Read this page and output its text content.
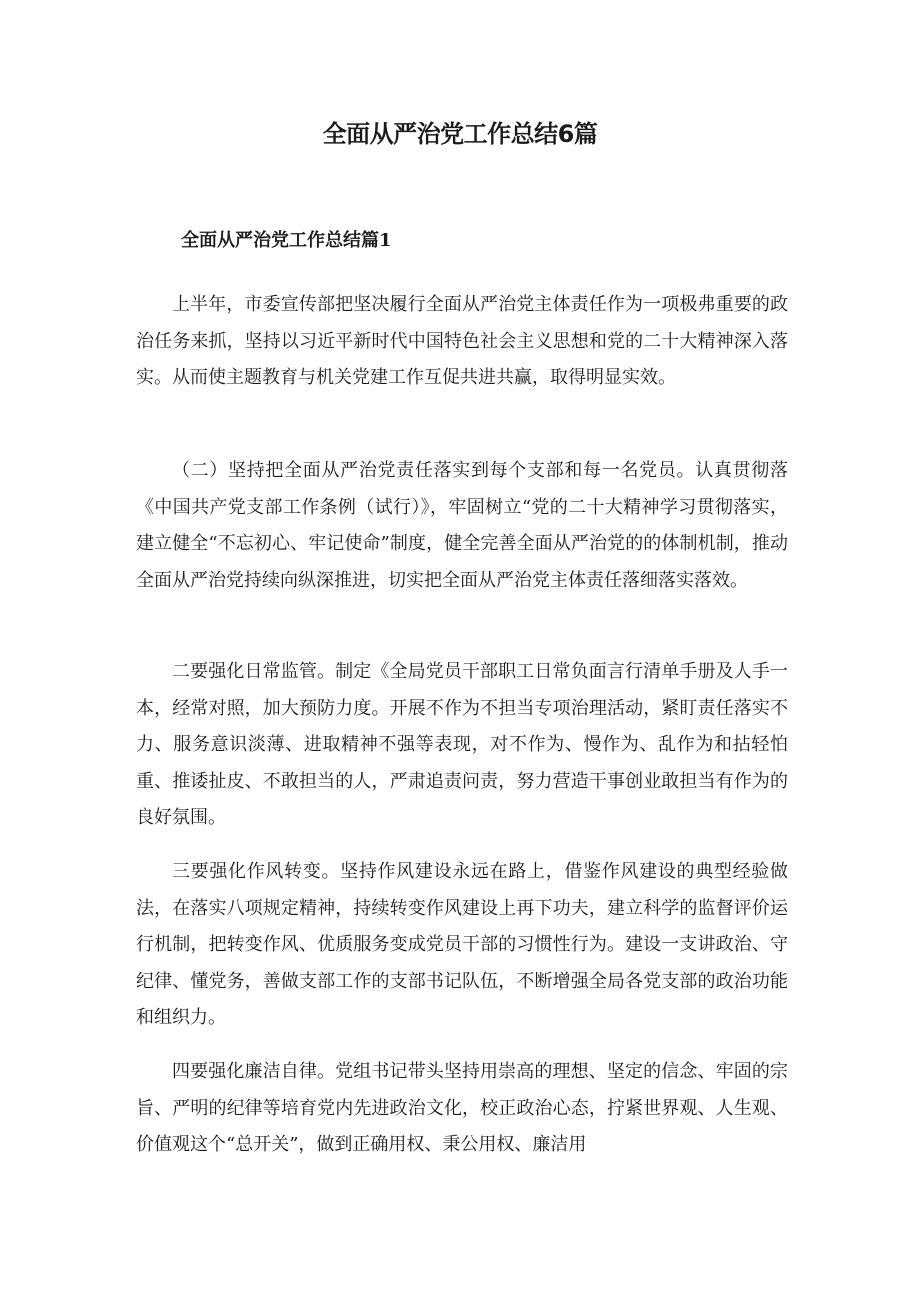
全面从严治党工作总结6篇
全面从严治党工作总结篇1

上半年，市委宣传部把坚决履行全面从严治党主体责任作为一项极弗重要的政治任务来抓，坚持以习近平新时代中国特色社会主义思想和党的二十大精神深入落实。从而使主题教育与机关党建工作互促共进共赢，取得明显实效。

（二）坚持把全面从严治党责任落实到每个支部和每一名党员。认真贯彻落《中国共产党支部工作条例（试行）》，牢固树立“党的二十大精神学习贯彻落实，建立健全“不忘初心、牢记使命”制度，健全完善全面从严治党的的体制机制，推动全面从严治党持续向纵深推进，切实把全面从严治党主体责任落细落实落效。

二要强化日常监管。制定《全局党员干部职工日常负面言行清单手册及人手一本，经常对照，加大预防力度。开展不作为不担当专项治理活动，紧盯责任落实不力、服务意识淡薄、进取精神不强等表现，对不作为、慢作为、乱作为和拈轻怕重、推诿扯皮、不敢担当的人，严肃追责问责，努力营造干事创业敢担当有作为的良好氛围。

三要强化作风转变。坚持作风建设永远在路上，借鉴作风建设的典型经验做法，在落实八项规定精神，持续转变作风建设上再下功夫，建立科学的监督评价运行机制，把转变作风、优质服务变成党员干部的习惯性行为。建设一支讲政治、守纪律、懂党务，善做支部工作的支部书记队伍，不断增强全局各党支部的政治功能和组织力。

四要强化廉洁自律。党组书记带头坚持用崇高的理想、坚定的信念、牢固的宗旨、严明的纪律等培育党内先进政治文化，校正政治心态，拧紧世界观、人生观、价值观这个“总开关”，做到正确用权、秉公用权、廉洁用
